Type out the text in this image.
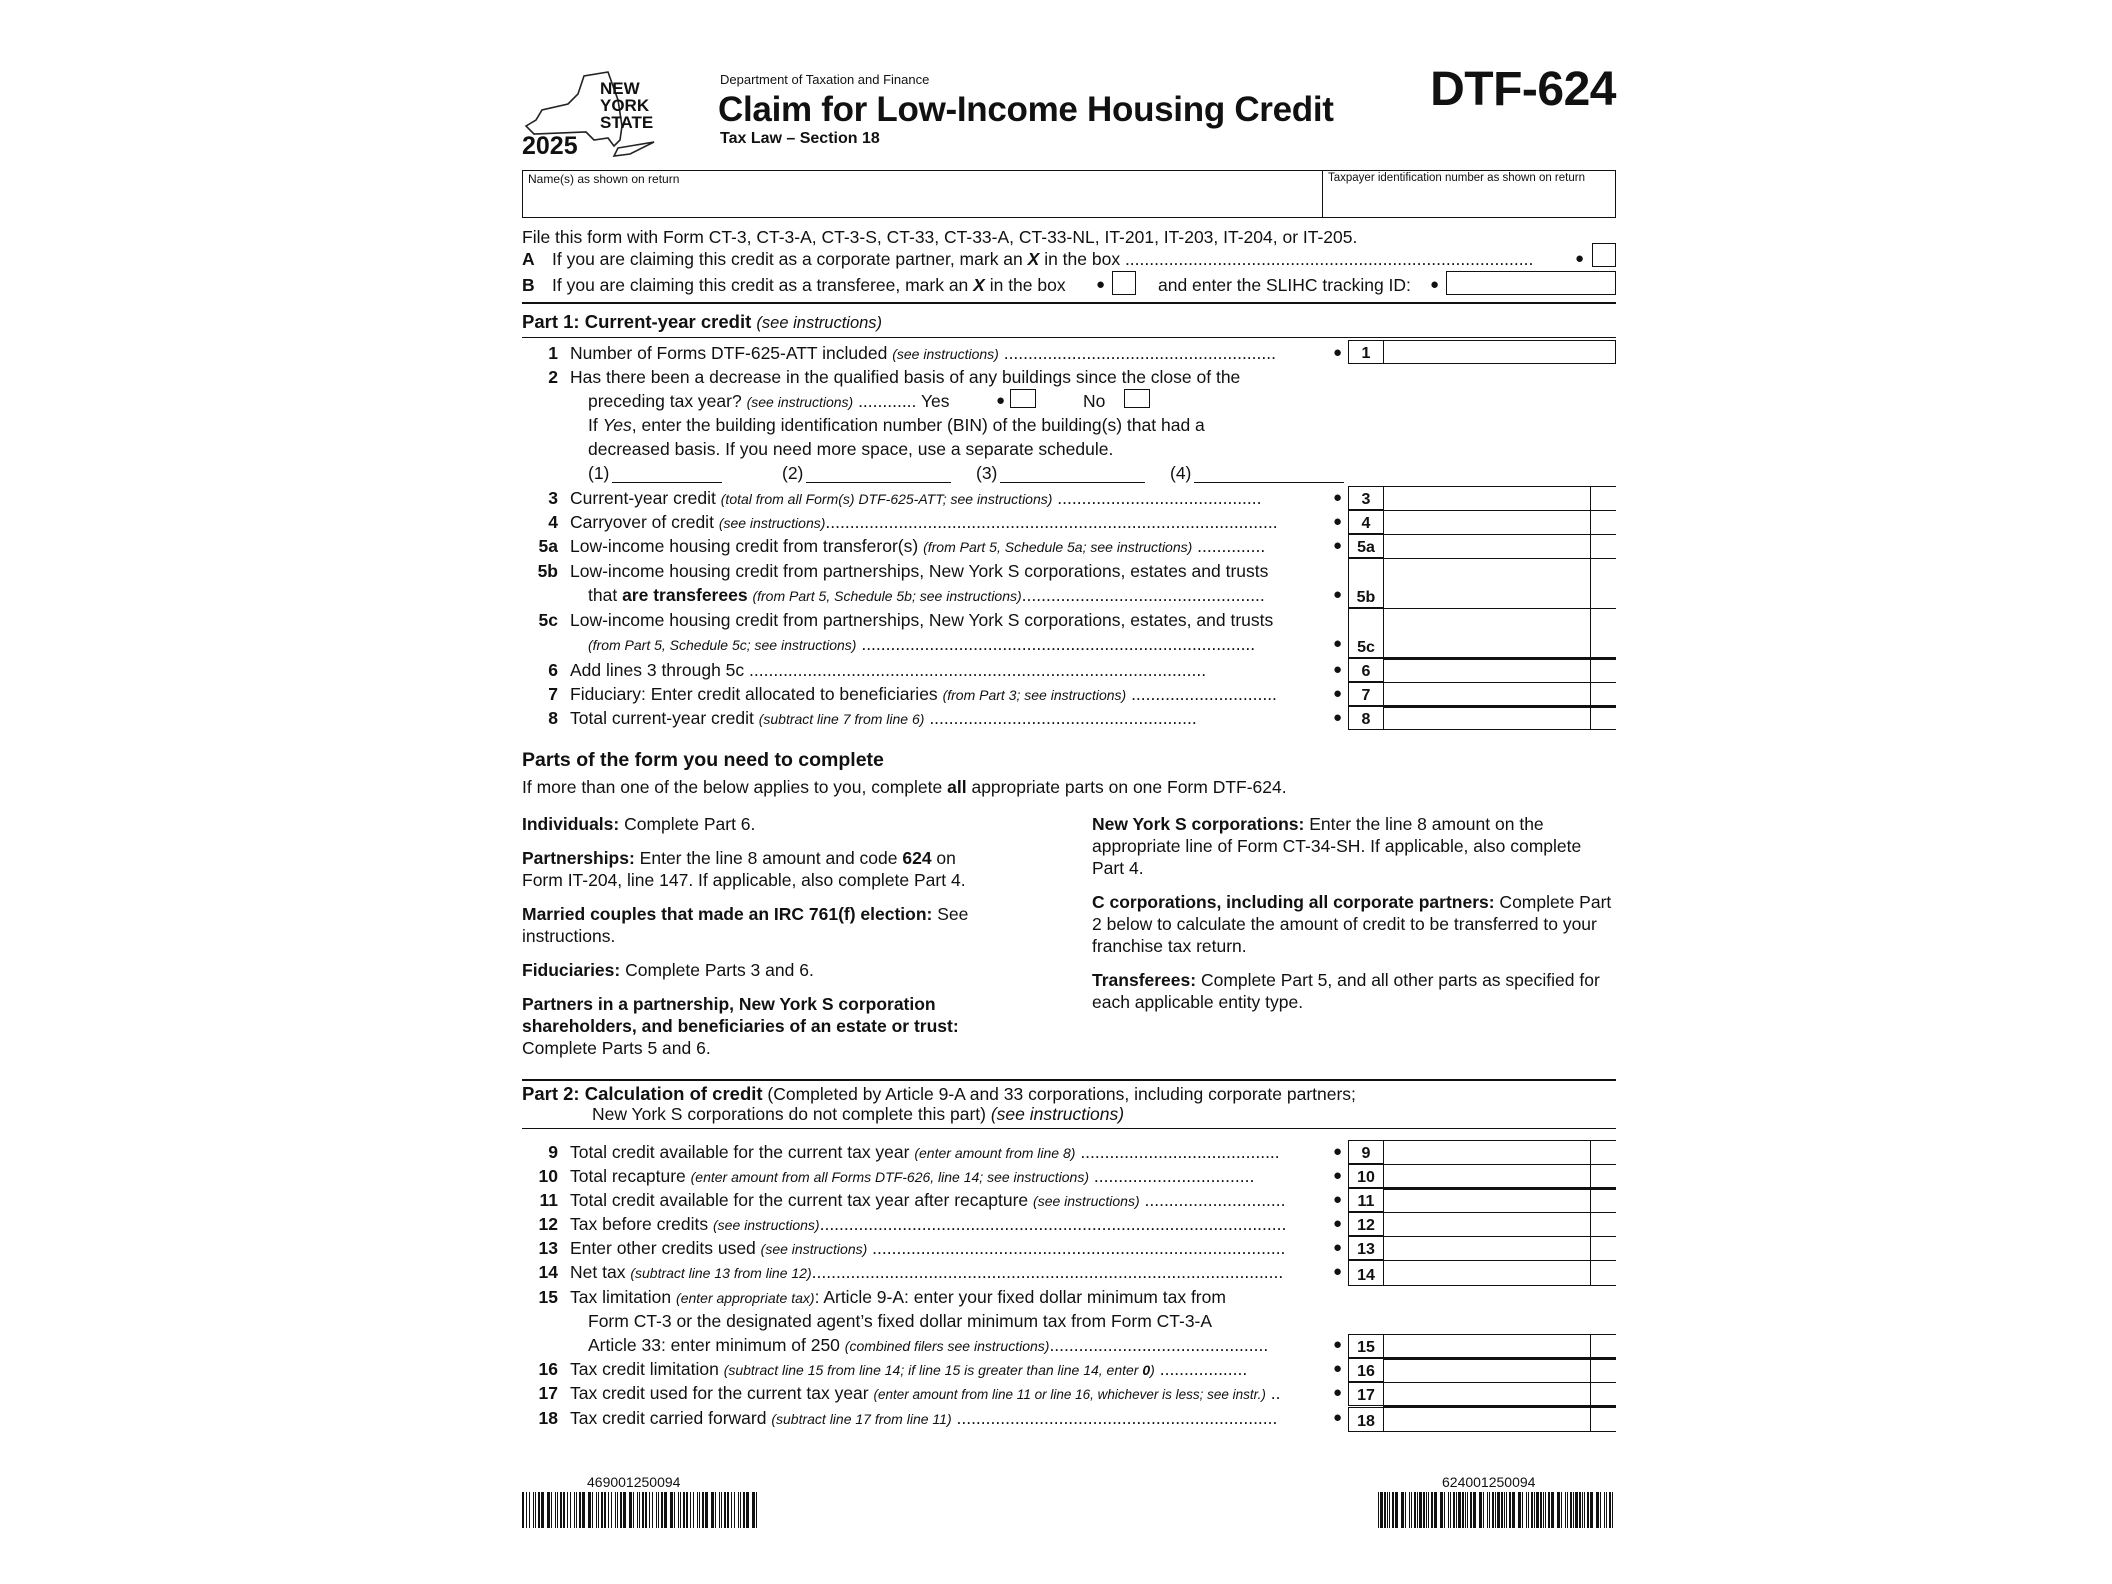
NEW
YORK
STATE
2025
Department of Taxation and Finance
Claim for Low-Income Housing Credit
Tax Law – Section 18
DTF-624
Name(s) as shown on return	Taxpayer identification number as shown on return
File this form with Form CT-3, CT-3-A, CT-3-S, CT-33, CT-33-A, CT-33-NL, IT-201, IT-203, IT-204, or IT-205.
A If you are claiming this credit as a corporate partner, mark an X in the box ....................................................................................	●
B If you are claiming this credit as a transferee, mark an X in the box ●	and enter the SLIHC tracking ID: ●
Part 1: Current-year credit (see instructions)
1 Number of Forms DTF-625-ATT included (see instructions) ........................................................	●	1
2 Has there been a decrease in the qualified basis of any buildings since the close of the
preceding tax year? (see instructions) ............ Yes	●	No
If Yes, enter the building identification number (BIN) of the building(s) that had a
decreased basis. If you need more space, use a separate schedule.
(1)	(2)	(3)	(4)
3 Current-year credit (total from all Form(s) DTF-625-ATT; see instructions) ..........................................	●	3
4 Carryover of credit (see instructions).............................................................................................	●	4
5a Low-income housing credit from transferor(s) (from Part 5, Schedule 5a; see instructions) ..............	● 5a
5b Low-income housing credit from partnerships, New York S corporations, estates and trusts
that are transferees (from Part 5, Schedule 5b; see instructions)..................................................	● 5b
5c Low-income housing credit from partnerships, New York S corporations, estates, and trusts
(from Part 5, Schedule 5c; see instructions) .................................................................................	● 5c
6 Add lines 3 through 5c ..............................................................................................	●	6
7 Fiduciary: Enter credit allocated to beneficiaries (from Part 3; see instructions) ..............................	●	7
8 Total current-year credit (subtract line 7 from line 6) .......................................................	●	8
Parts of the form you need to complete
If more than one of the below applies to you, complete all appropriate parts on one Form DTF-624.
Individuals: Complete Part 6.
Partnerships: Enter the line 8 amount and code 624 on Form IT-204, line 147. If applicable, also complete Part 4.
Married couples that made an IRC 761(f) election: See instructions.
Fiduciaries: Complete Parts 3 and 6.
Partners in a partnership, New York S corporation shareholders, and beneficiaries of an estate or trust: Complete Parts 5 and 6.
New York S corporations: Enter the line 8 amount on the appropriate line of Form CT-34-SH. If applicable, also complete Part 4.
C corporations, including all corporate partners: Complete Part 2 below to calculate the amount of credit to be transferred to your franchise tax return.
Transferees: Complete Part 5, and all other parts as specified for each applicable entity type.
Part 2: Calculation of credit (Completed by Article 9-A and 33 corporations, including corporate partners;
New York S corporations do not complete this part) (see instructions)
9 Total credit available for the current tax year (enter amount from line 8) .........................................	●	9
10 Total recapture (enter amount from all Forms DTF-626, line 14; see instructions) .................................	● 10
11 Total credit available for the current tax year after recapture (see instructions) .............................	● 11
12 Tax before credits (see instructions)................................................................................................	● 12
13 Enter other credits used (see instructions) .....................................................................................	● 13
14 Net tax (subtract line 13 from line 12).................................................................................................	● 14
15 Tax limitation (enter appropriate tax): Article 9-A: enter your fixed dollar minimum tax from
Form CT-3 or the designated agent’s fixed dollar minimum tax from Form CT-3-A
Article 33: enter minimum of 250 (combined filers see instructions).............................................	● 15
16 Tax credit limitation (subtract line 15 from line 14; if line 15 is greater than line 14, enter 0) ..................	● 16
17 Tax credit used for the current tax year (enter amount from line 11 or line 16, whichever is less; see instr.) ..	● 17
18 Tax credit carried forward (subtract line 17 from line 11) ..................................................................	● 18
469001250094	624001250094
